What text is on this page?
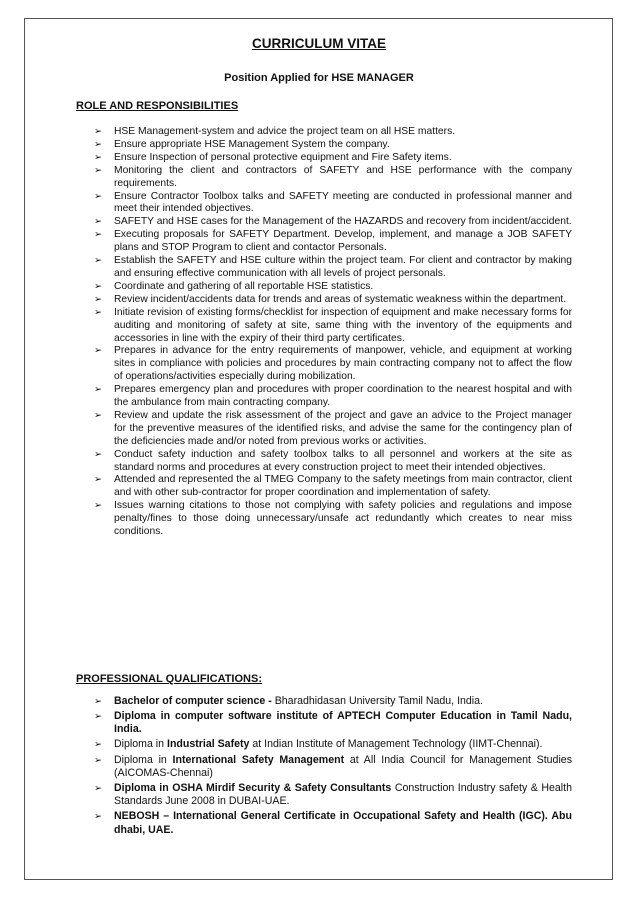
CURRICULUM VITAE
Position Applied for HSE MANAGER
ROLE AND RESPONSIBILITIES
➢ HSE Management-system and advice the project team on all HSE matters.
➢ Ensure appropriate HSE Management System the company.
➢ Ensure Inspection of personal protective equipment and Fire Safety items.
➢ Monitoring the client and contractors of SAFETY and HSE performance with the company requirements.
➢ Ensure Contractor Toolbox talks and SAFETY meeting are conducted in professional manner and meet their intended objectives.
➢ SAFETY and HSE cases for the Management of the HAZARDS and recovery from incident/accident.
➢ Executing proposals for SAFETY Department. Develop, implement, and manage a JOB SAFETY plans and STOP Program to client and contactor Personals.
➢ Establish the SAFETY and HSE culture within the project team. For client and contractor by making and ensuring effective communication with all levels of project personals.
➢ Coordinate and gathering of all reportable HSE statistics.
➢ Review incident/accidents data for trends and areas of systematic weakness within the department.
➢ Initiate revision of existing forms/checklist for inspection of equipment and make necessary forms for auditing and monitoring of safety at site, same thing with the inventory of the equipments and accessories in line with the expiry of their third party certificates.
➢ Prepares in advance for the entry requirements of manpower, vehicle, and equipment at working sites in compliance with policies and procedures by main contracting company not to affect the flow of operations/activities especially during mobilization.
➢ Prepares emergency plan and procedures with proper coordination to the nearest hospital and with the ambulance from main contracting company.
➢ Review and update the risk assessment of the project and gave an advice to the Project manager for the preventive measures of the identified risks, and advise the same for the contingency plan of the deficiencies made and/or noted from previous works or activities.
➢ Conduct safety induction and safety toolbox talks to all personnel and workers at the site as standard norms and procedures at every construction project to meet their intended objectives.
➢ Attended and represented the al TMEG Company to the safety meetings from main contractor, client and with other sub-contractor for proper coordination and implementation of safety.
➢ Issues warning citations to those not complying with safety policies and regulations and impose penalty/fines to those doing unnecessary/unsafe act redundantly which creates to near miss conditions.
PROFESSIONAL QUALIFICATIONS:
➢ Bachelor of computer science - Bharadhidasan University Tamil Nadu, India.
➢ Diploma in computer software institute of APTECH Computer Education in Tamil Nadu, India.
➢ Diploma in Industrial Safety at Indian Institute of Management Technology (IIMT-Chennai).
➢ Diploma in International Safety Management at All India Council for Management Studies (AICOMAS-Chennai)
➢ Diploma in OSHA Mirdif Security & Safety Consultants Construction Industry safety & Health Standards June 2008 in DUBAI-UAE.
➢ NEBOSH – International General Certificate in Occupational Safety and Health (IGC). Abu dhabi, UAE.
